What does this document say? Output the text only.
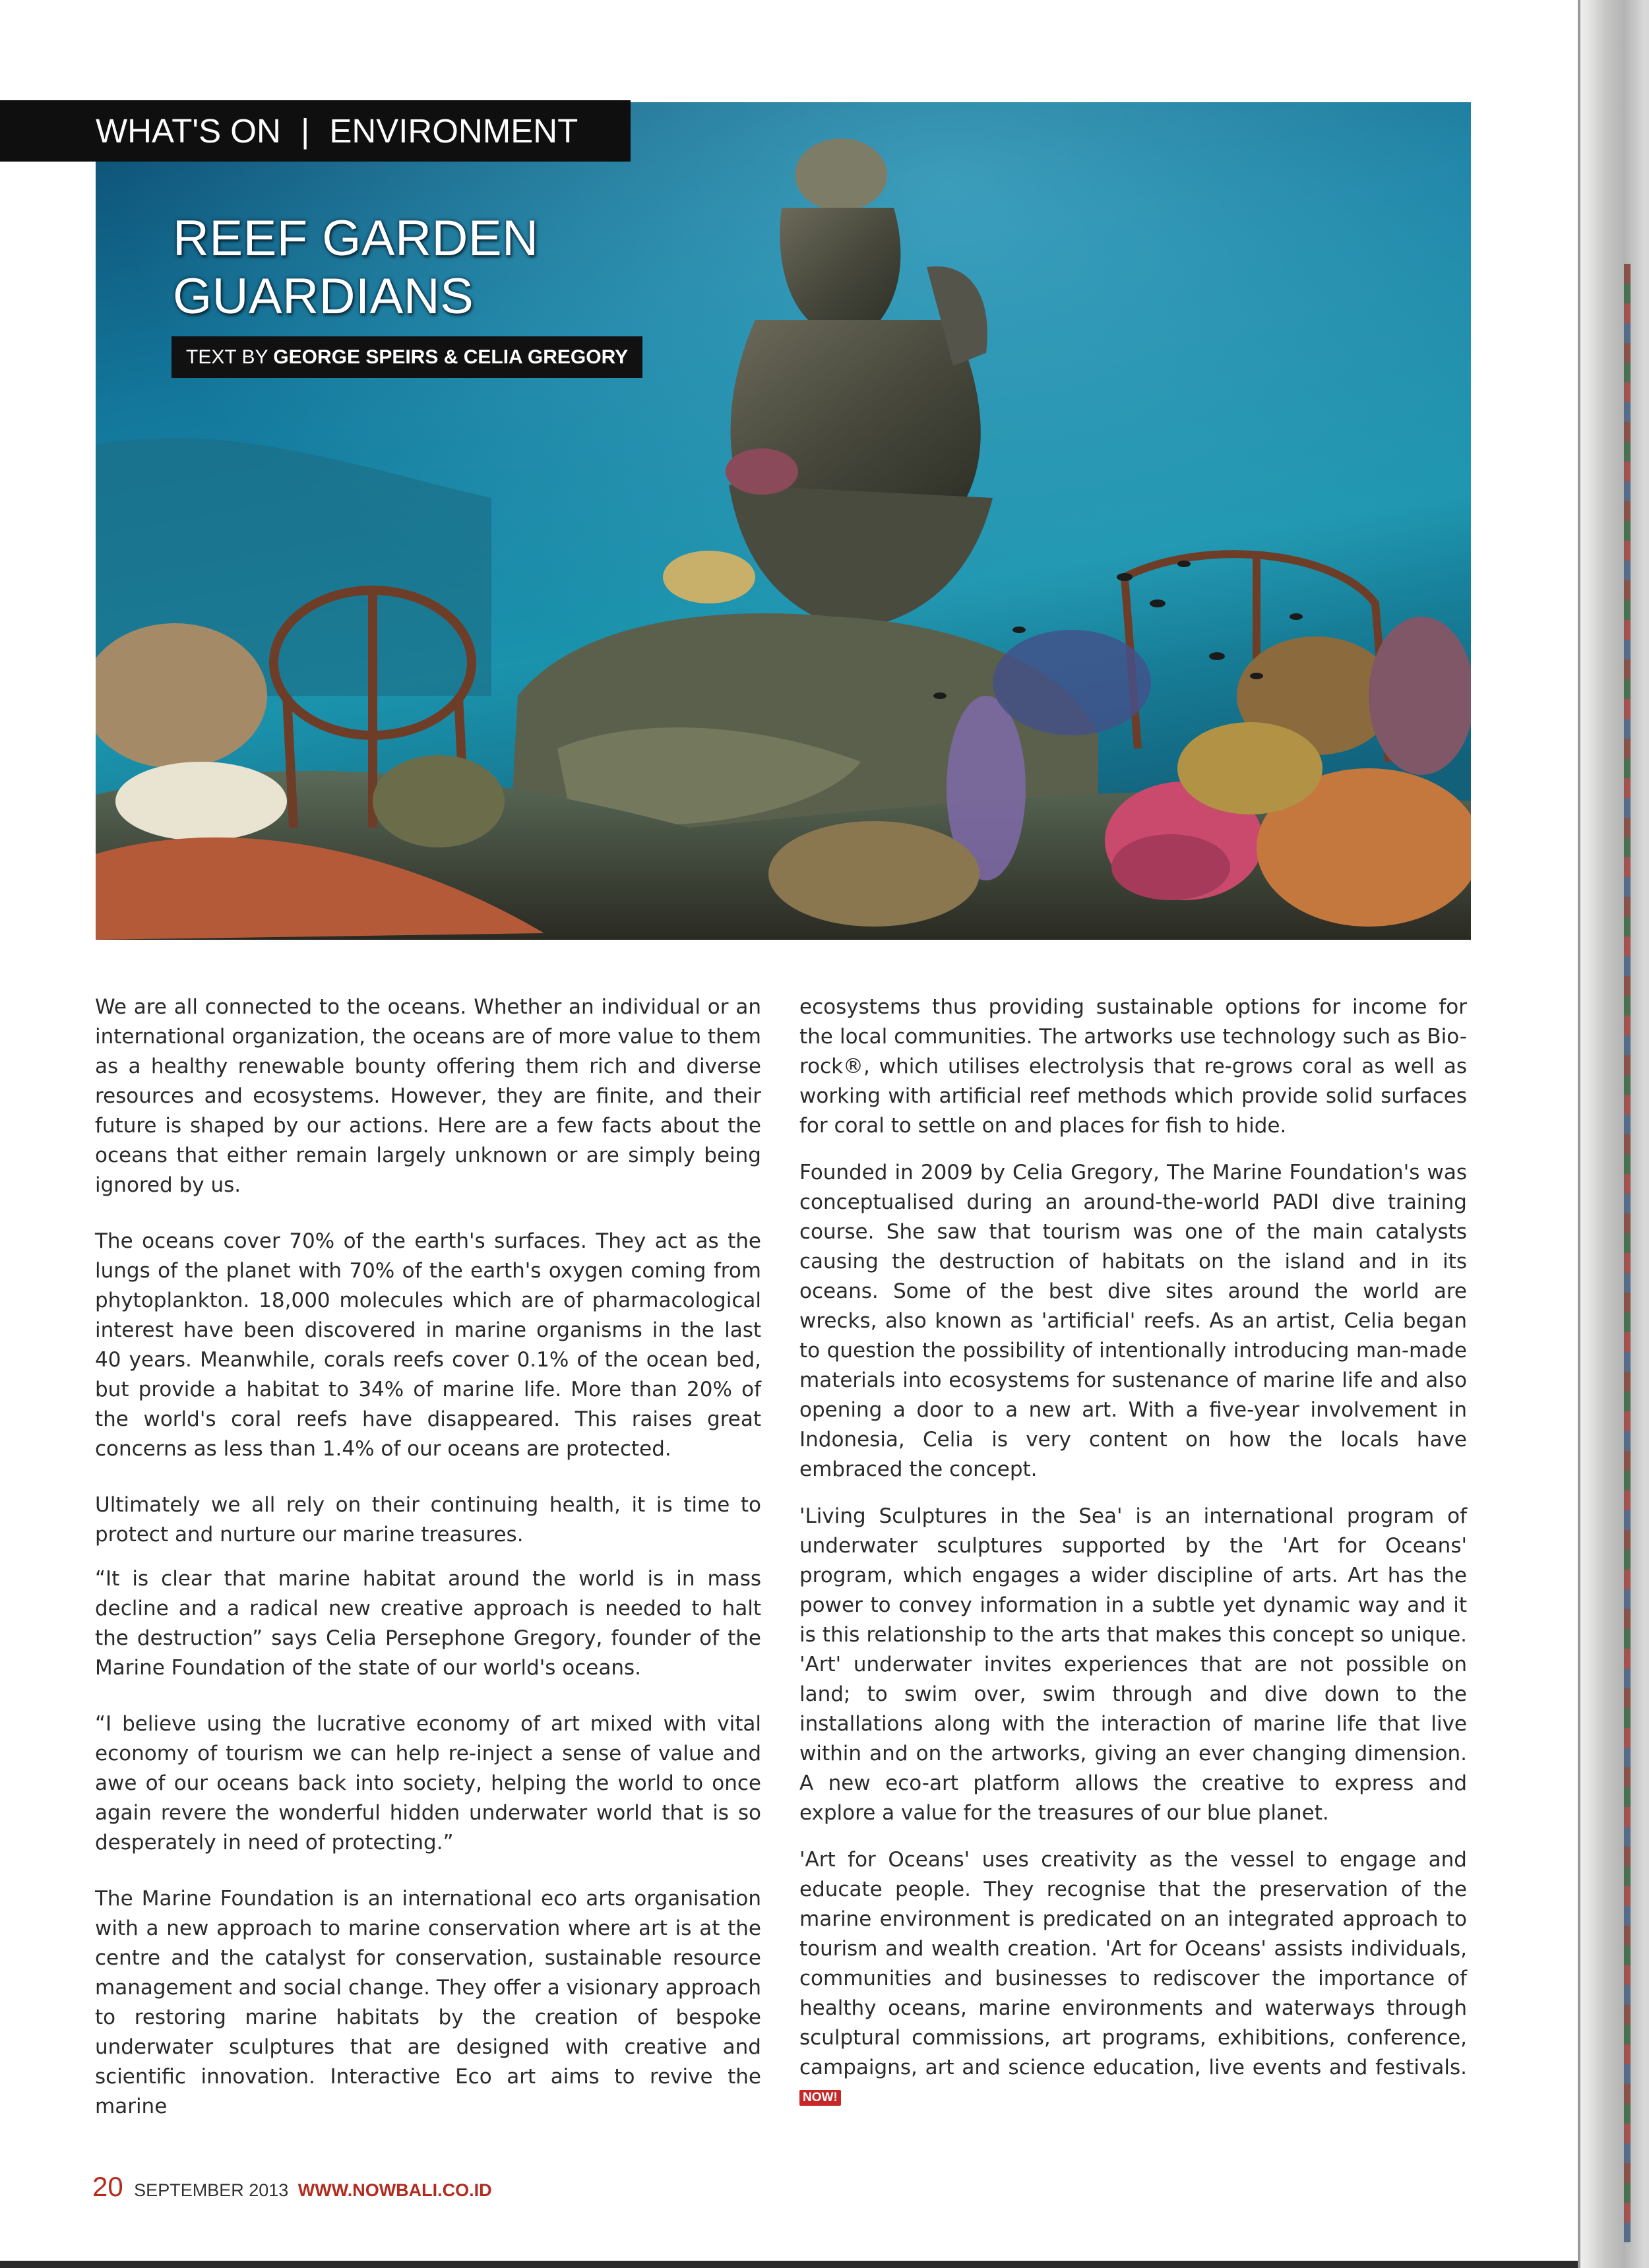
WHAT'S ON | ENVIRONMENT
REEF GARDEN
GUARDIANS
TEXT BY GEORGE SPEIRS & CELIA GREGORY

We are all connected to the oceans. Whether an individual or an international organization, the oceans are of more value to them as a healthy renewable bounty offering them rich and diverse resources and ecosystems. However, they are finite, and their future is shaped by our actions. Here are a few facts about the oceans that either remain largely unknown or are simply being ignored by us.

The oceans cover 70% of the earth's surfaces. They act as the lungs of the planet with 70% of the earth's oxygen coming from phytoplankton. 18,000 molecules which are of pharmacological interest have been discovered in marine organisms in the last 40 years. Meanwhile, corals reefs cover 0.1% of the ocean bed, but provide a habitat to 34% of marine life. More than 20% of the world's coral reefs have disappeared. This raises great concerns as less than 1.4% of our oceans are protected.

Ultimately we all rely on their continuing health, it is time to protect and nurture our marine treasures.

“It is clear that marine habitat around the world is in mass decline and a radical new creative approach is needed to halt the destruction” says Celia Persephone Gregory, founder of the Marine Foundation of the state of our world's oceans.

“I believe using the lucrative economy of art mixed with vital economy of tourism we can help re-inject a sense of value and awe of our oceans back into society, helping the world to once again revere the wonderful hidden underwater world that is so desperately in need of protecting.”

The Marine Foundation is an international eco arts organisation with a new approach to marine conservation where art is at the centre and the catalyst for conservation, sustainable resource management and social change. They offer a visionary approach to restoring marine habitats by the creation of bespoke underwater sculptures that are designed with creative and scientific innovation. Interactive Eco art aims to revive the marine

ecosystems thus providing sustainable options for income for the local communities. The artworks use technology such as Bio-rock®, which utilises electrolysis that re-grows coral as well as working with artificial reef methods which provide solid surfaces for coral to settle on and places for fish to hide.

Founded in 2009 by Celia Gregory, The Marine Foundation's was conceptualised during an around-the-world PADI dive training course. She saw that tourism was one of the main catalysts causing the destruction of habitats on the island and in its oceans. Some of the best dive sites around the world are wrecks, also known as 'artificial' reefs. As an artist, Celia began to question the possibility of intentionally introducing man-made materials into ecosystems for sustenance of marine life and also opening a door to a new art. With a five-year involvement in Indonesia, Celia is very content on how the locals have embraced the concept.

'Living Sculptures in the Sea' is an international program of underwater sculptures supported by the 'Art for Oceans' program, which engages a wider discipline of arts. Art has the power to convey information in a subtle yet dynamic way and it is this relationship to the arts that makes this concept so unique. 'Art' underwater invites experiences that are not possible on land; to swim over, swim through and dive down to the installations along with the interaction of marine life that live within and on the artworks, giving an ever changing dimension. A new eco-art platform allows the creative to express and explore a value for the treasures of our blue planet.

'Art for Oceans' uses creativity as the vessel to engage and educate people. They recognise that the preservation of the marine environment is predicated on an integrated approach to tourism and wealth creation. 'Art for Oceans' assists individuals, communities and businesses to rediscover the importance of healthy oceans, marine environments and waterways through sculptural commissions, art programs, exhibitions, conference, campaigns, art and science education, live events and festivals. NOW!

20 SEPTEMBER 2013 WWW.NOWBALI.CO.ID
